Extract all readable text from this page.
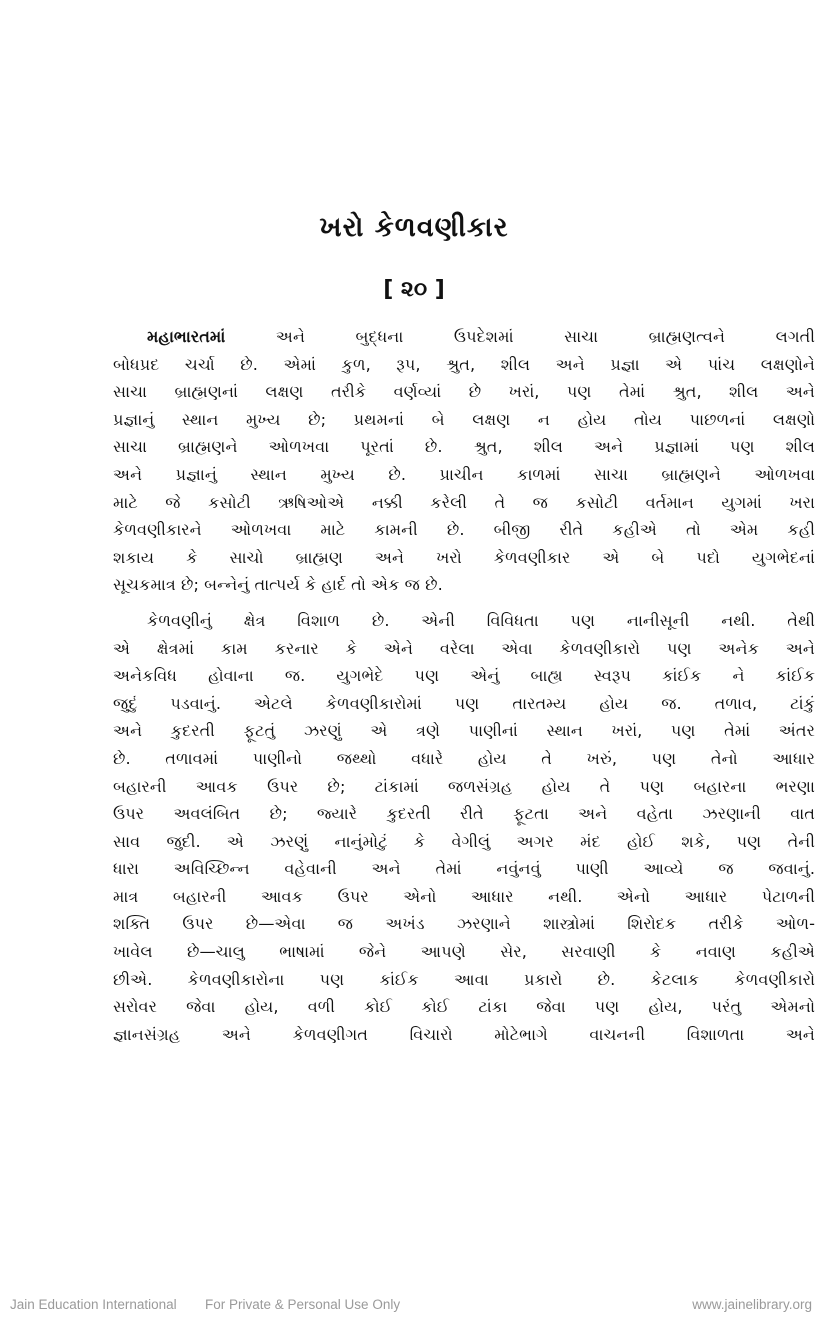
ખરો કેળવણીકાર
[ ૨૦ ]
મહાભારતમાં અને બુદ્ધના ઉપદેશમાં સાચા બ્રાહ્મણત્વને લગતી
બોધપ્રદ ચર્ચા છે. એમાં કુળ, રૂપ, શ્રુત, શીલ અને પ્રજ્ઞા એ પાંચ લક્ષણોને
સાચા બ્રાહ્મણનાં લક્ષણ તરીકે વર્ણવ્યાં છે ખરાં, પણ તેમાં શ્રુત, શીલ અને
પ્રજ્ઞાનું સ્થાન મુખ્ય છે; પ્રથમનાં બે લક્ષણ ન હોય તોય પાછળનાં લક્ષણો
સાચા બ્રાહ્મણને ઓળખવા પૂરતાં છે. શ્રુત, શીલ અને પ્રજ્ઞામાં પણ શીલ
અને પ્રજ્ઞાનું સ્થાન મુખ્ય છે. પ્રાચીન કાળમાં સાચા બ્રાહ્મણને ઓળખવા
માટે જે કસોટી ઋષિઓએ નક્કી કરેલી તે જ કસોટી વર્તમાન યુગમાં ખરા
કેળવણીકારને ઓળખવા માટે કામની છે. બીજી રીતે કહીએ તો એમ કહી
શકાય કે સાચો બ્રાહ્મણ અને ખરો કેળવણીકાર એ બે પદો યુગભેદનાં
સૂચકમાત્ર છે; બન્નેનું તાત્પર્ય કે હાર્દ તો એક જ છે.
કેળવણીનું ક્ષેત્ર વિશાળ છે. એની વિવિધતા પણ નાનીસૂની નથી. તેથી
એ ક્ષેત્રમાં કામ કરનાર કે એને વરેલા એવા કેળવણીકારો પણ અનેક અને
અનેકવિધ હોવાના જ. યુગભેદે પણ એનું બાહ્ય સ્વરૂપ કાંઈક ને કાંઈક
જુદું પડવાનું. એટલે કેળવણીકારોમાં પણ તારતમ્ય હોય જ. તળાવ, ટાંકું
અને કુદરતી ફૂટતું ઝરણું એ ત્રણે પાણીનાં સ્થાન ખરાં, પણ તેમાં અંતર
છે. તળાવમાં પાણીનો જથ્થો વધારે હોય તે ખરું, પણ તેનો આધાર
બહારની આવક ઉપર છે; ટાંકામાં જળસંગ્રહ હોય તે પણ બહારના ભરણા
ઉપર અવલંબિત છે; જ્યારે કુદરતી રીતે ફૂટતા અને વહેતા ઝરણાની વાત
સાવ જુદી. એ ઝરણું નાનુંમોટું કે વેગીલું અગર મંદ હોઈ શકે, પણ તેની
ધારા અવિચ્છિન્ન વહેવાની અને તેમાં નવુંનવું પાણી આવ્યે જ જવાનું.
માત્ર બહારની આવક ઉપર એનો આધાર નથી. એનો આધાર પેટાળની
શક્તિ ઉપર છે—એવા જ અખંડ ઝરણાને શાસ્ત્રોમાં શિરોદક તરીકે ઓળ-
ખાવેલ છે—ચાલુ ભાષામાં જેને આપણે સેર, સરવાણી કે નવાણ કહીએ
છીએ. કેળવણીકારોના પણ કાંઈક આવા પ્રકારો છે. કેટલાક કેળવણીકારો
સરોવર જેવા હોય, વળી કોઈ કોઈ ટાંકા જેવા પણ હોય, પરંતુ એમનો
જ્ઞાનસંગ્રહ અને કેળવણીગત વિચારો મોટેભાગે વાચનની વિશાળતા અને
Jain Education International For Private & Personal Use Only	www.jainelibrary.org
